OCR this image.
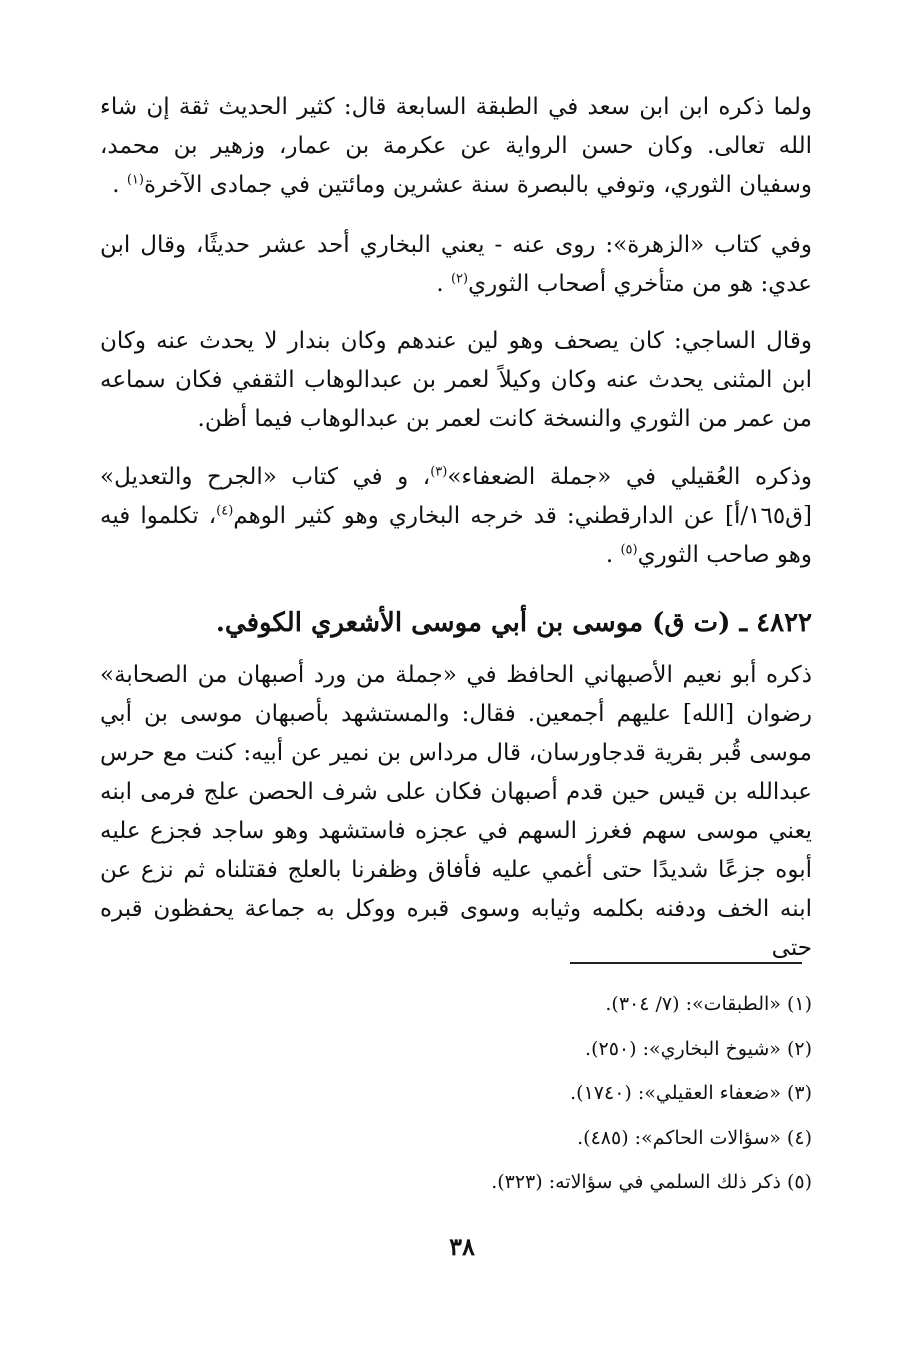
ولما ذكره ابن ابن سعد في الطبقة السابعة قال: كثير الحديث ثقة إن شاء الله تعالى. وكان حسن الرواية عن عكرمة بن عمار، وزهير بن محمد، وسفيان الثوري، وتوفي بالبصرة سنة عشرين ومائتين في جمادى الآخرة$^{(١)}$ .

وفي كتاب «الزهرة»: روى عنه - يعني البخاري أحد عشر حديثًا، وقال ابن عدي: هو من متأخري أصحاب الثوري$^{(٢)}$ .

وقال الساجي: كان يصحف وهو لين عندهم وكان بندار لا يحدث عنه وكان ابن المثنى يحدث عنه وكان وكيلاً لعمر بن عبدالوهاب الثقفي فكان سماعه من عمر من الثوري والنسخة كانت لعمر بن عبدالوهاب فيما أظن.

وذكره العُقيلي في «جملة الضعفاء»$^{(٣)}$، و في كتاب «الجرح والتعديل» [ق١٦٥/أ] عن الدارقطني: قد خرجه البخاري وهو كثير الوهم$^{(٤)}$، تكلموا فيه وهو صاحب الثوري$^{(٥)}$ .

٤٨٢٢ ـ (ت ق) موسى بن أبي موسى الأشعري الكوفي.

ذكره أبو نعيم الأصبهاني الحافظ في «جملة من ورد أصبهان من الصحابة» رضوان [الله] عليهم أجمعين. فقال: والمستشهد بأصبهان موسى بن أبي موسى قُبر بقرية قدجاورسان، قال مرداس بن نمير عن أبيه: كنت مع حرس عبدالله بن قيس حين قدم أصبهان فكان على شرف الحصن علج فرمى ابنه يعني موسى سهم فغرز السهم في عجزه فاستشهد وهو ساجد فجزع عليه أبوه جزعًا شديدًا حتى أغمي عليه فأفاق وظفرنا بالعلج فقتلناه ثم نزع عن ابنه الخف ودفنه بكلمه وثيابه وسوى قبره ووكل به جماعة يحفظون قبره حتى

(١) «الطبقات»: (٧/ ٣٠٤).
(٢) «شيوخ البخاري»: (٢٥٠).
(٣) «ضعفاء العقيلي»: (١٧٤٠).
(٤) «سؤالات الحاكم»: (٤٨٥).
(٥) ذكر ذلك السلمي في سؤالاته: (٣٢٣).
٣٨
